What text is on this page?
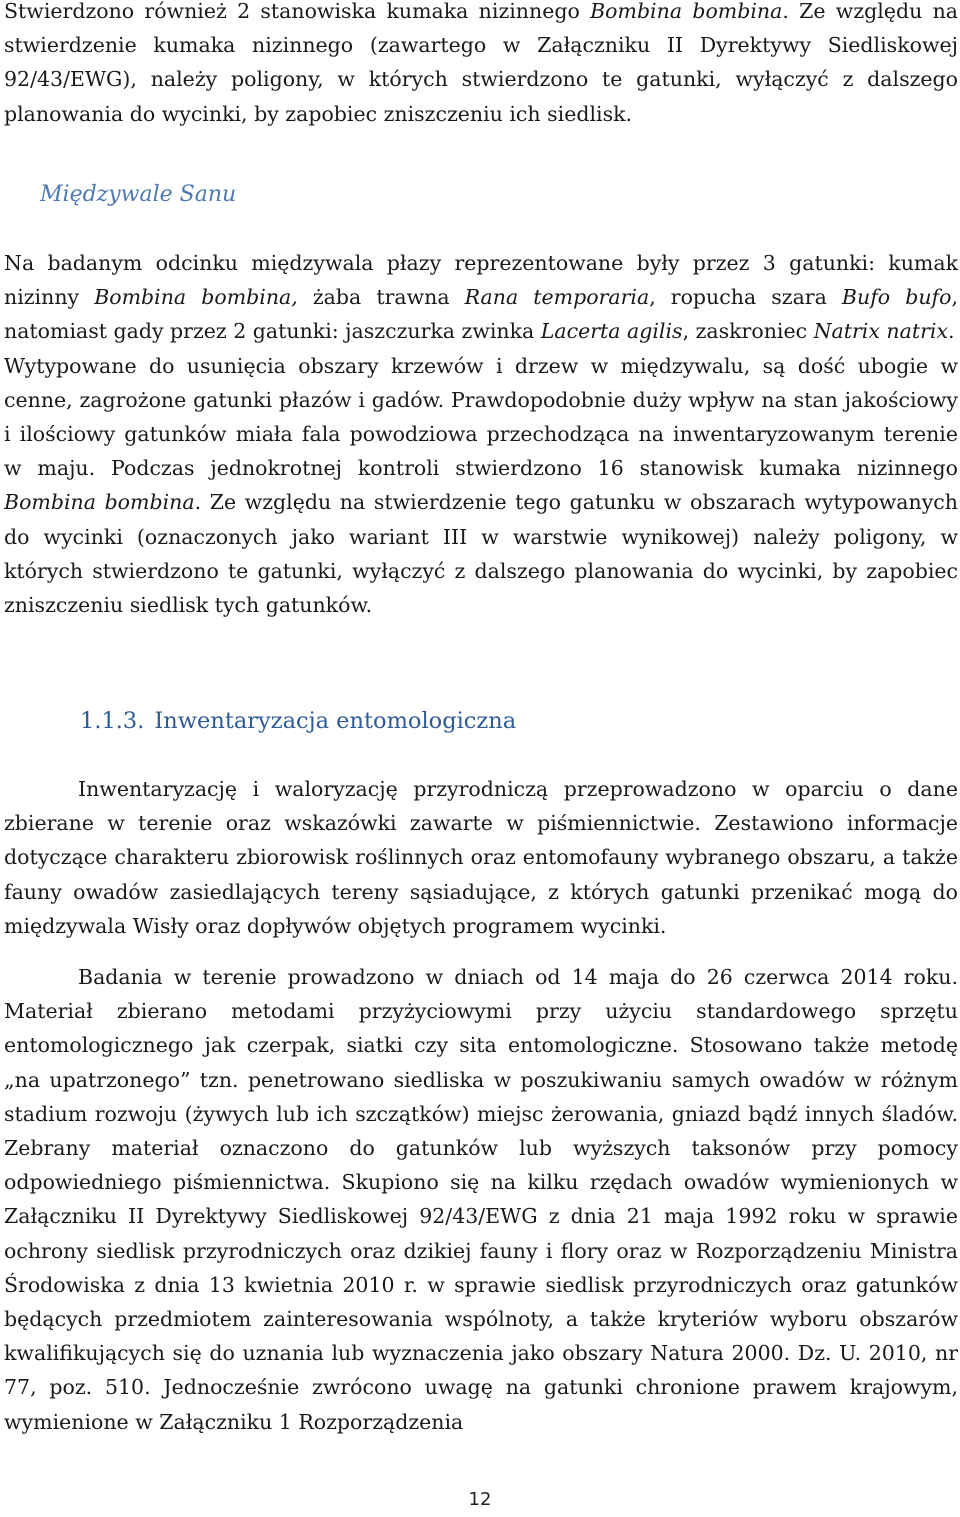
Stwierdzono również 2 stanowiska kumaka nizinnego Bombina bombina. Ze względu na stwierdzenie kumaka nizinnego (zawartego w Załączniku II Dyrektywy Siedliskowej 92/43/EWG), należy poligony, w których stwierdzono te gatunki, wyłączyć z dalszego planowania do wycinki, by zapobiec zniszczeniu ich siedlisk.

Międzywale Sanu

Na badanym odcinku międzywala płazy reprezentowane były przez 3 gatunki: kumak nizinny Bombina bombina, żaba trawna Rana temporaria, ropucha szara Bufo bufo, natomiast gady przez 2 gatunki: jaszczurka zwinka Lacerta agilis, zaskroniec Natrix natrix.
Wytypowane do usunięcia obszary krzewów i drzew w międzywalu, są dość ubogie w cenne, zagrożone gatunki płazów i gadów. Prawdopodobnie duży wpływ na stan jakościowy i ilościowy gatunków miała fala powodziowa przechodząca na inwentaryzowanym terenie w maju. Podczas jednokrotnej kontroli stwierdzono 16 stanowisk kumaka nizinnego Bombina bombina. Ze względu na stwierdzenie tego gatunku w obszarach wytypowanych do wycinki (oznaczonych jako wariant III w warstwie wynikowej) należy poligony, w których stwierdzono te gatunki, wyłączyć z dalszego planowania do wycinki, by zapobiec zniszczeniu siedlisk tych gatunków.

1.1.3. Inwentaryzacja entomologiczna

Inwentaryzację i waloryzację przyrodniczą przeprowadzono w oparciu o dane zbierane w terenie oraz wskazówki zawarte w piśmiennictwie. Zestawiono informacje dotyczące charakteru zbiorowisk roślinnych oraz entomofauny wybranego obszaru, a także fauny owadów zasiedlających tereny sąsiadujące, z których gatunki przenikać mogą do międzywala Wisły oraz dopływów objętych programem wycinki.

Badania w terenie prowadzono w dniach od 14 maja do 26 czerwca 2014 roku. Materiał zbierano metodami przyżyciowymi przy użyciu standardowego sprzętu entomologicznego jak czerpak, siatki czy sita entomologiczne. Stosowano także metodę „na upatrzonego” tzn. penetrowano siedliska w poszukiwaniu samych owadów w różnym stadium rozwoju (żywych lub ich szczątków) miejsc żerowania, gniazd bądź innych śladów. Zebrany materiał oznaczono do gatunków lub wyższych taksonów przy pomocy odpowiedniego piśmiennictwa. Skupiono się na kilku rzędach owadów wymienionych w Załączniku II Dyrektywy Siedliskowej 92/43/EWG z dnia 21 maja 1992 roku w sprawie ochrony siedlisk przyrodniczych oraz dzikiej fauny i flory oraz w Rozporządzeniu Ministra Środowiska z dnia 13 kwietnia 2010 r. w sprawie siedlisk przyrodniczych oraz gatunków będących przedmiotem zainteresowania wspólnoty, a także kryteriów wyboru obszarów kwalifikujących się do uznania lub wyznaczenia jako obszary Natura 2000. Dz. U. 2010, nr 77, poz. 510. Jednocześnie zwrócono uwagę na gatunki chronione prawem krajowym, wymienione w Załączniku 1 Rozporządzenia

12
